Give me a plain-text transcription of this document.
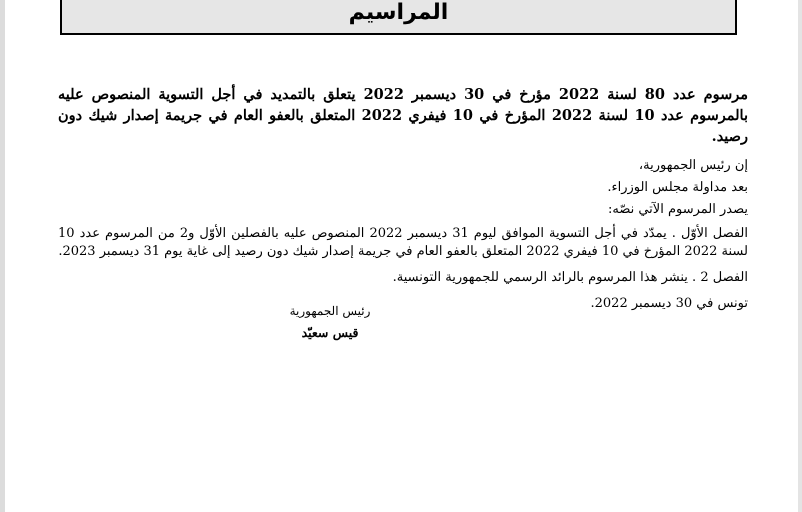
المراسيم

مرسوم عدد 80 لسنة 2022 مؤرخ في 30 ديسمبر 2022 يتعلق بالتمديد في أجل التسوية المنصوص عليه بالمرسوم عدد 10 لسنة 2022 المؤرخ في 10 فيفري 2022 المتعلق بالعفو العام في جريمة إصدار شيك دون رصيد.

إن رئيس الجمهورية،

بعد مداولة مجلس الوزراء.

يصدر المرسوم الآتي نصّه:

الفصل الأوّل . يمدّد في أجل التسوية الموافق ليوم 31 ديسمبر 2022 المنصوص عليه بالفصلين الأوّل و2 من المرسوم عدد 10 لسنة 2022 المؤرخ في 10 فيفري 2022 المتعلق بالعفو العام في جريمة إصدار شيك دون رصيد إلى غاية يوم 31 ديسمبر 2023.

الفصل 2 . ينشر هذا المرسوم بالرائد الرسمي للجمهورية التونسية.

تونس في 30 ديسمبر 2022.

رئيس الجمهورية
قيس سعيّد
